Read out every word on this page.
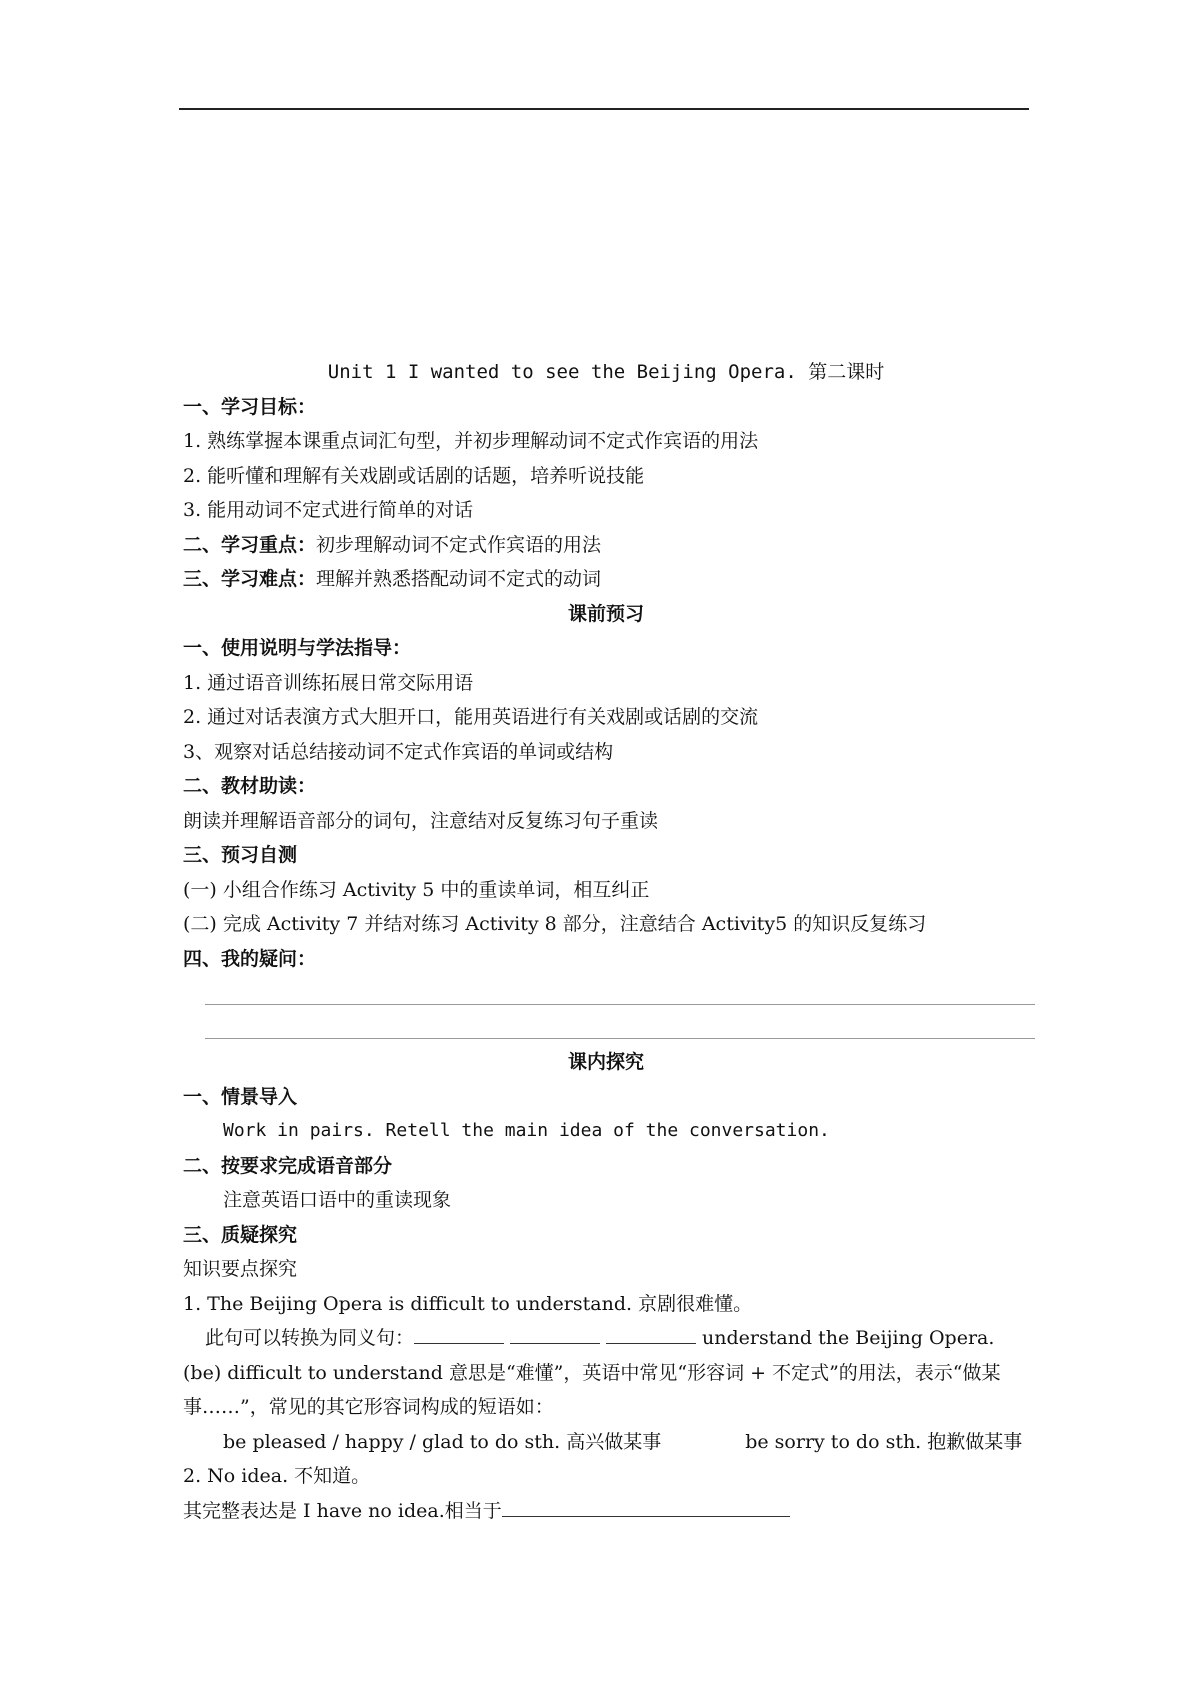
Unit 1 I wanted to see the Beijing Opera. 第二课时
一、学习目标：
1. 熟练掌握本课重点词汇句型，并初步理解动词不定式作宾语的用法
2. 能听懂和理解有关戏剧或话剧的话题，培养听说技能
3. 能用动词不定式进行简单的对话
二、学习重点：初步理解动词不定式作宾语的用法
三、学习难点：理解并熟悉搭配动词不定式的动词
课前预习
一、使用说明与学法指导：
1. 通过语音训练拓展日常交际用语
2. 通过对话表演方式大胆开口，能用英语进行有关戏剧或话剧的交流
3、观察对话总结接动词不定式作宾语的单词或结构
二、教材助读：
朗读并理解语音部分的词句，注意结对反复练习句子重读
三、预习自测
(一) 小组合作练习 Activity 5 中的重读单词，相互纠正
(二) 完成 Activity 7 并结对练习 Activity 8 部分，注意结合 Activity5 的知识反复练习
四、我的疑问：
课内探究
一、情景导入
Work in pairs. Retell the main idea of the conversation.
二、按要求完成语音部分
注意英语口语中的重读现象
三、质疑探究
知识要点探究
1. The Beijing Opera is difficult to understand. 京剧很难懂。
此句可以转换为同义句：	understand the Beijing Opera.
(be) difficult to understand 意思是“难懂”，英语中常见“形容词 + 不定式”的用法，表示“做某事……”，常见的其它形容词构成的短语如：
be pleased / happy / glad to do sth. 高兴做某事	be sorry to do sth. 抱歉做某事
2. No idea. 不知道。
其完整表达是 I have no idea.相当于
